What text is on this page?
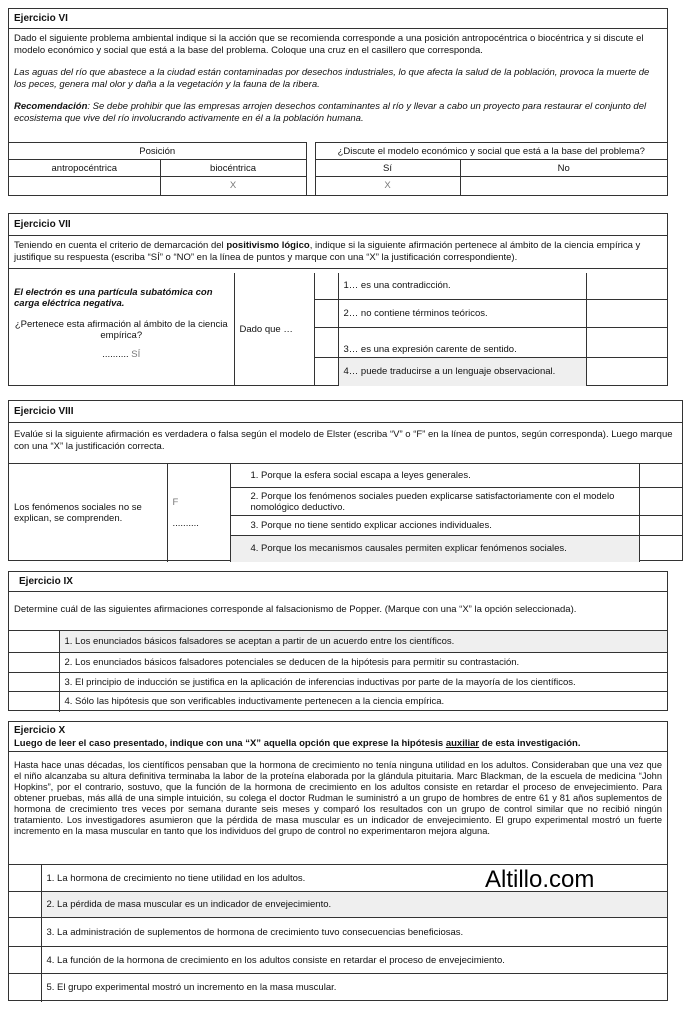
Ejercicio VI
Dado el siguiente problema ambiental indique si la acción que se recomienda corresponde a una posición antropocéntrica o biocéntrica y si discute el modelo económico y social que está a la base del problema. Coloque una cruz en el casillero que corresponda.
Las aguas del río que abastece a la ciudad están contaminadas por desechos industriales, lo que afecta la salud de la población, provoca la muerte de los peces, genera mal olor y daña a la vegetación y la fauna de la ribera.
Recomendación: Se debe prohibir que las empresas arrojen desechos contaminantes al río y llevar a cabo un proyecto para restaurar el conjunto del ecosistema que vive del río involucrando activamente en él a la población humana.
Posición			¿Discute el modelo económico y social que está a la base del problema?	
antropocéntrica	biocéntrica		Sí	No
	X		X	
Ejercicio VII
Teniendo en cuenta el criterio de demarcación del positivismo lógico, indique si la siguiente afirmación pertenece al ámbito de la ciencia empírica y justifique su respuesta (escriba “SÍ” o “NO” en la línea de puntos y marque con una “X” la justificación correspondiente).
El electrón es una partícula subatómica con carga eléctrica negativa.
¿Pertenece esta afirmación al ámbito de la ciencia empírica?
.......... SÍ	Dado que …		1… es una contradicción.	
			2… no contiene términos teóricos.	
			3… es una expresión carente de sentido.	
			4… puede traducirse a un lenguaje observacional.	
Ejercicio VIII
Evalúe si la siguiente afirmación es verdadera o falsa según el modelo de Elster (escriba “V” o “F” en la línea de puntos, según corresponda). Luego marque con una “X” la justificación correcta.
Los fenómenos sociales no se explican, se comprenden.	F
..........	1. Porque la esfera social escapa a leyes generales.	
		2. Porque los fenómenos sociales pueden explicarse satisfactoriamente con el modelo nomológico deductivo.	
		3. Porque no tiene sentido explicar acciones individuales.	
		4. Porque los mecanismos causales permiten explicar fenómenos sociales.	
Ejercicio IX
Determine cuál de las siguientes afirmaciones corresponde al falsacionismo de Popper. (Marque con una “X” la opción seleccionada).
	1. Los enunciados básicos falsadores se aceptan a partir de un acuerdo entre los científicos.
	2. Los enunciados básicos falsadores potenciales se deducen de la hipótesis para permitir su contrastación.
	3. El principio de inducción se justifica en la aplicación de inferencias inductivas por parte de la mayoría de los científicos.
	4. Sólo las hipótesis que son verificables inductivamente pertenecen a la ciencia empírica.
Ejercicio X
Luego de leer el caso presentado, indique con una “X” aquella opción que exprese la hipótesis auxiliar de esta investigación.
Hasta hace unas décadas, los científicos pensaban que la hormona de crecimiento no tenía ninguna utilidad en los adultos. Consideraban que una vez que el niño alcanzaba su altura definitiva terminaba la labor de la proteína elaborada por la glándula pituitaria. Marc Blackman, de la escuela de medicina “John Hopkins”, por el contrario, sostuvo, que la función de la hormona de crecimiento en los adultos consiste en retardar el proceso de envejecimiento. Para obtener pruebas, más allá de una simple intuición, su colega el doctor Rudman le suministró a un grupo de hombres de entre 61 y 81 años suplementos de hormona de crecimiento tres veces por semana durante seis meses y comparó los resultados con un grupo de control similar que no recibió ningún tratamiento. Los investigadores asumieron que la pérdida de masa muscular es un indicador de envejecimiento. El grupo experimental mostró un fuerte incremento en la masa muscular en tanto que los individuos del grupo de control no experimentaron mejora alguna.
	1. La hormona de crecimiento no tiene utilidad en los adultos.
	2. La pérdida de masa muscular es un indicador de envejecimiento.
	3. La administración de suplementos de hormona de crecimiento tuvo consecuencias beneficiosas.
	4. La función de la hormona de crecimiento en los adultos consiste en retardar el proceso de envejecimiento.
	5. El grupo experimental mostró un incremento en la masa muscular.
Altillo.com
